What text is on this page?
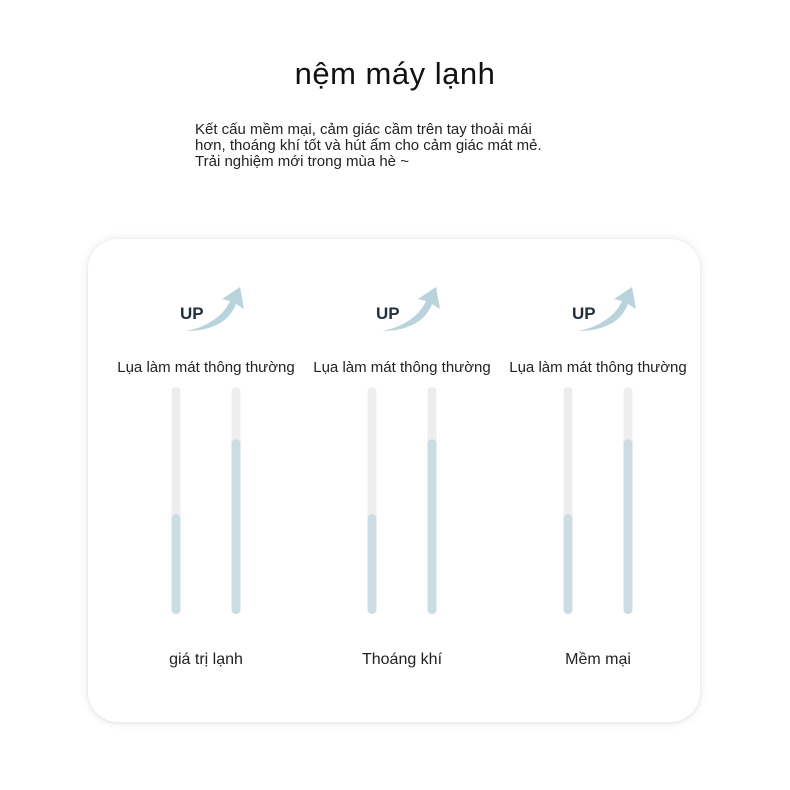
nệm máy lạnh
Kết cấu mềm mại, cảm giác cầm trên tay thoải mái
hơn, thoáng khí tốt và hút ẩm cho cảm giác mát mẻ.
Trải nghiệm mới trong mùa hè ~
UP
Lụa làm mát thông thường
giá trị lạnh
UP
Lụa làm mát thông thường
Thoáng khí
UP
Lụa làm mát thông thường
Mềm mại
